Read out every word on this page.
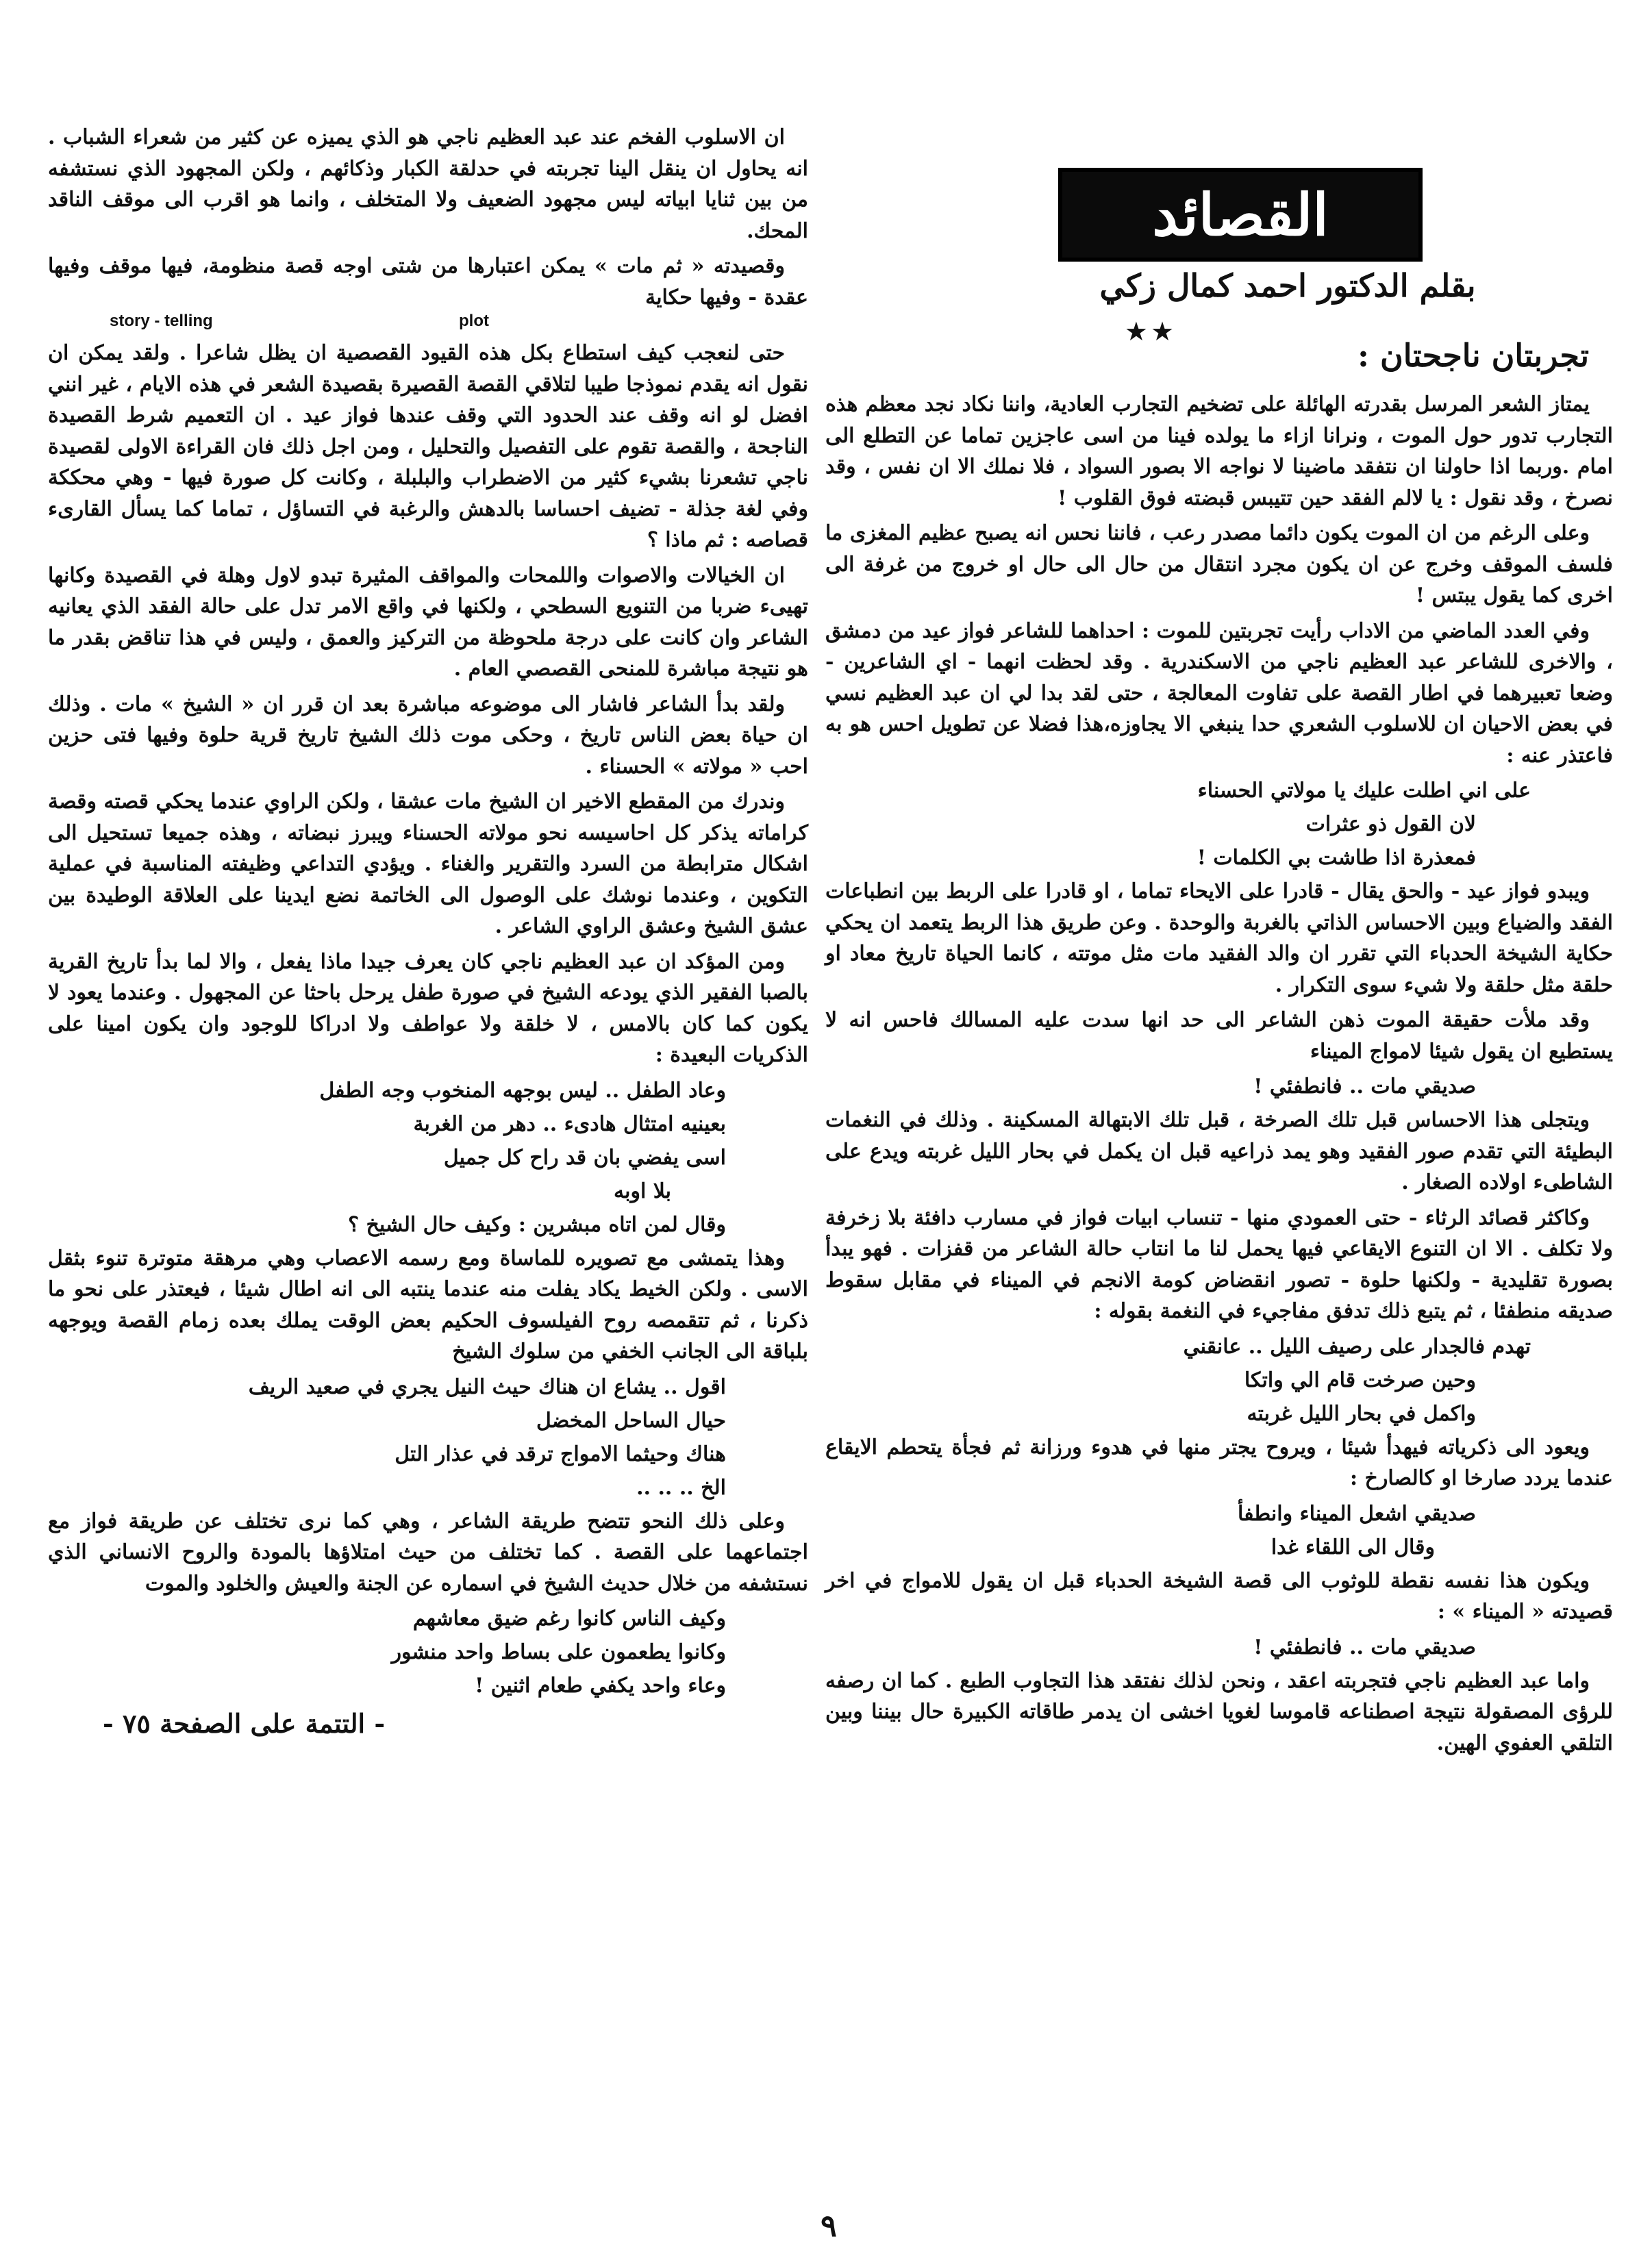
القصائد
بقلم الدكتور احمد كمال زكي
★★
تجربتان ناجحتان :

يمتاز الشعر المرسل بقدرته الهائلة على تضخيم التجارب العادية، واننا نكاد نجد معظم هذه التجارب تدور حول الموت ، ونرانا ازاء ما يولده فينا من اسى عاجزين تماما عن التطلع الى امام .وربما اذا حاولنا ان نتفقد ماضينا لا نواجه الا بصور السواد ، فلا نملك الا ان نفس ، وقد نصرخ ، وقد نقول : يا لالم الفقد حين تتيبس قبضته فوق القلوب !

وعلى الرغم من ان الموت يكون دائما مصدر رعب ، فاننا نحس انه يصبح عظيم المغزى ما فلسف الموقف وخرج عن ان يكون مجرد انتقال من حال الى حال او خروج من غرفة الى اخرى كما يقول يبتس !

وفي العدد الماضي من الاداب رأيت تجربتين للموت : احداهما للشاعر فواز عيد من دمشق ، والاخرى للشاعر عبد العظيم ناجي من الاسكندرية . وقد لحظت انهما - اي الشاعرين - وضعا تعبيرهما في اطار القصة على تفاوت المعالجة ، حتى لقد بدا لي ان عبد العظيم نسي في بعض الاحيان ان للاسلوب الشعري حدا ينبغي الا يجاوزه،هذا فضلا عن تطويل احس هو به فاعتذر عنه :

على اني اطلت عليك يا مولاتي الحسناء
لان القول ذو عثرات
فمعذرة اذا طاشت بي الكلمات !

ويبدو فواز عيد - والحق يقال - قادرا على الايحاء تماما ، او قادرا على الربط بين انطباعات الفقد والضياع وبين الاحساس الذاتي بالغربة والوحدة . وعن طريق هذا الربط يتعمد ان يحكي حكاية الشيخة الحدباء التي تقرر ان والد الفقيد مات مثل موتته ، كانما الحياة تاريخ معاد او حلقة مثل حلقة ولا شيء سوى التكرار .

وقد ملأت حقيقة الموت ذهن الشاعر الى حد انها سدت عليه المسالك فاحس انه لا يستطيع ان يقول شيئا لامواج الميناء

صديقي مات .. فانطفئي !

ويتجلى هذا الاحساس قبل تلك الصرخة ، قبل تلك الابتهالة المسكينة . وذلك في النغمات البطيئة التي تقدم صور الفقيد وهو يمد ذراعيه قبل ان يكمل في بحار الليل غربته ويدع على الشاطىء اولاده الصغار .

وكاكثر قصائد الرثاء - حتى العمودي منها - تنساب ابيات فواز في مسارب دافئة بلا زخرفة ولا تكلف . الا ان التنوع الايقاعي فيها يحمل لنا ما انتاب حالة الشاعر من قفزات . فهو يبدأ بصورة تقليدية - ولكنها حلوة - تصور انقضاض كومة الانجم في الميناء في مقابل سقوط صديقه منطفئا ، ثم يتبع ذلك تدفق مفاجيء في النغمة بقوله :

تهدم فالجدار على رصيف الليل .. عانقني
وحين صرخت قام الي واتكا
واكمل في بحار الليل غربته

ويعود الى ذكرياته فيهدأ شيئا ، ويروح يجتر منها في هدوء ورزانة ثم فجأة يتحطم الايقاع عندما يردد صارخا او كالصارخ :

صديقي اشعل الميناء وانطفأ
وقال الى اللقاء غدا

ويكون هذا نفسه نقطة للوثوب الى قصة الشيخة الحدباء قبل ان يقول للامواج في اخر قصيدته « الميناء » :

صديقي مات .. فانطفئي !

واما عبد العظيم ناجي فتجربته اعقد ، ونحن لذلك نفتقد هذا التجاوب الطبع . كما ان رصفه للرؤى المصقولة نتيجة اصطناعه قاموسا لغويا اخشى ان يدمر طاقاته الكبيرة حال بيننا وبين التلقي العفوي الهين.

ان الاسلوب الفخم عند عبد العظيم ناجي هو الذي يميزه عن كثير من شعراء الشباب . انه يحاول ان ينقل الينا تجربته في حدلقة الكبار وذكائهم ، ولكن المجهود الذي نستشفه من بين ثنايا ابياته ليس مجهود الضعيف ولا المتخلف ، وانما هو اقرب الى موقف الناقد المحك.

وقصيدته « ثم مات » يمكن اعتبارها من شتى اوجه قصة منظومة، فيها موقف وفيها عقدة - وفيها حكاية

plot
story - telling

حتى لنعجب كيف استطاع بكل هذه القيود القصصية ان يظل شاعرا . ولقد يمكن ان نقول انه يقدم نموذجا طيبا لتلاقي القصة القصيرة بقصيدة الشعر في هذه الايام ، غير انني افضل لو انه وقف عند الحدود التي وقف عندها فواز عيد . ان التعميم شرط القصيدة الناجحة ، والقصة تقوم على التفصيل والتحليل ، ومن اجل ذلك فان القراءة الاولى لقصيدة ناجي تشعرنا بشيء كثير من الاضطراب والبلبلة ، وكانت كل صورة فيها - وهي محككة وفي لغة جذلة - تضيف احساسا بالدهش والرغبة في التساؤل ، تماما كما يسأل القارىء قصاصه : ثم ماذا ؟

ان الخيالات والاصوات واللمحات والمواقف المثيرة تبدو لاول وهلة في القصيدة وكانها تهيىء ضربا من التنويع السطحي ، ولكنها في واقع الامر تدل على حالة الفقد الذي يعانيه الشاعر وان كانت على درجة ملحوظة من التركيز والعمق ، وليس في هذا تناقض بقدر ما هو نتيجة مباشرة للمنحى القصصي العام .

ولقد بدأ الشاعر فاشار الى موضوعه مباشرة بعد ان قرر ان « الشيخ » مات . وذلك ان حياة بعض الناس تاريخ ، وحكى موت ذلك الشيخ تاريخ قرية حلوة وفيها فتى حزين احب « مولاته » الحسناء .

وندرك من المقطع الاخير ان الشيخ مات عشقا ، ولكن الراوي عندما يحكي قصته وقصة كراماته يذكر كل احاسيسه نحو مولاته الحسناء ويبرز نبضاته ، وهذه جميعا تستحيل الى اشكال مترابطة من السرد والتقرير والغناء . ويؤدي التداعي وظيفته المناسبة في عملية التكوين ، وعندما نوشك على الوصول الى الخاتمة نضع ايدينا على العلاقة الوطيدة بين عشق الشيخ وعشق الراوي الشاعر .

ومن المؤكد ان عبد العظيم ناجي كان يعرف جيدا ماذا يفعل ، والا لما بدأ تاريخ القرية بالصبا الفقير الذي يودعه الشيخ في صورة طفل يرحل باحثا عن المجهول . وعندما يعود لا يكون كما كان بالامس ، لا خلقة ولا عواطف ولا ادراكا للوجود وان يكون امينا على الذكريات البعيدة :

وعاد الطفل .. ليس بوجهه المنخوب وجه الطفل
بعينيه امتثال هادىء .. دهر من الغربة
اسى يفضي بان قد راح كل جميل
بلا اوبه
وقال لمن اتاه مبشرين : وكيف حال الشيخ ؟

وهذا يتمشى مع تصويره للماساة ومع رسمه الاعصاب وهي مرهقة متوترة تنوء بثقل الاسى . ولكن الخيط يكاد يفلت منه عندما ينتبه الى انه اطال شيئا ، فيعتذر على نحو ما ذكرنا ، ثم تتقمصه روح الفيلسوف الحكيم بعض الوقت يملك بعده زمام القصة ويوجهه بلباقة الى الجانب الخفي من سلوك الشيخ

اقول .. يشاع ان هناك حيث النيل يجري في صعيد الريف
حيال الساحل المخضل
هناك وحيثما الامواج ترقد في عذار التل
الخ .. .. ..

وعلى ذلك النحو تتضح طريقة الشاعر ، وهي كما نرى تختلف عن طريقة فواز مع اجتماعهما على القصة . كما تختلف من حيث امتلاؤها بالمودة والروح الانساني الذي نستشفه من خلال حديث الشيخ في اسماره عن الجنة والعيش والخلود والموت

وكيف الناس كانوا رغم ضيق معاشهم
وكانوا يطعمون على بساط واحد منشور
وعاء واحد يكفي طعام اثنين !
- التتمة على الصفحة ٧٥ -
٩
